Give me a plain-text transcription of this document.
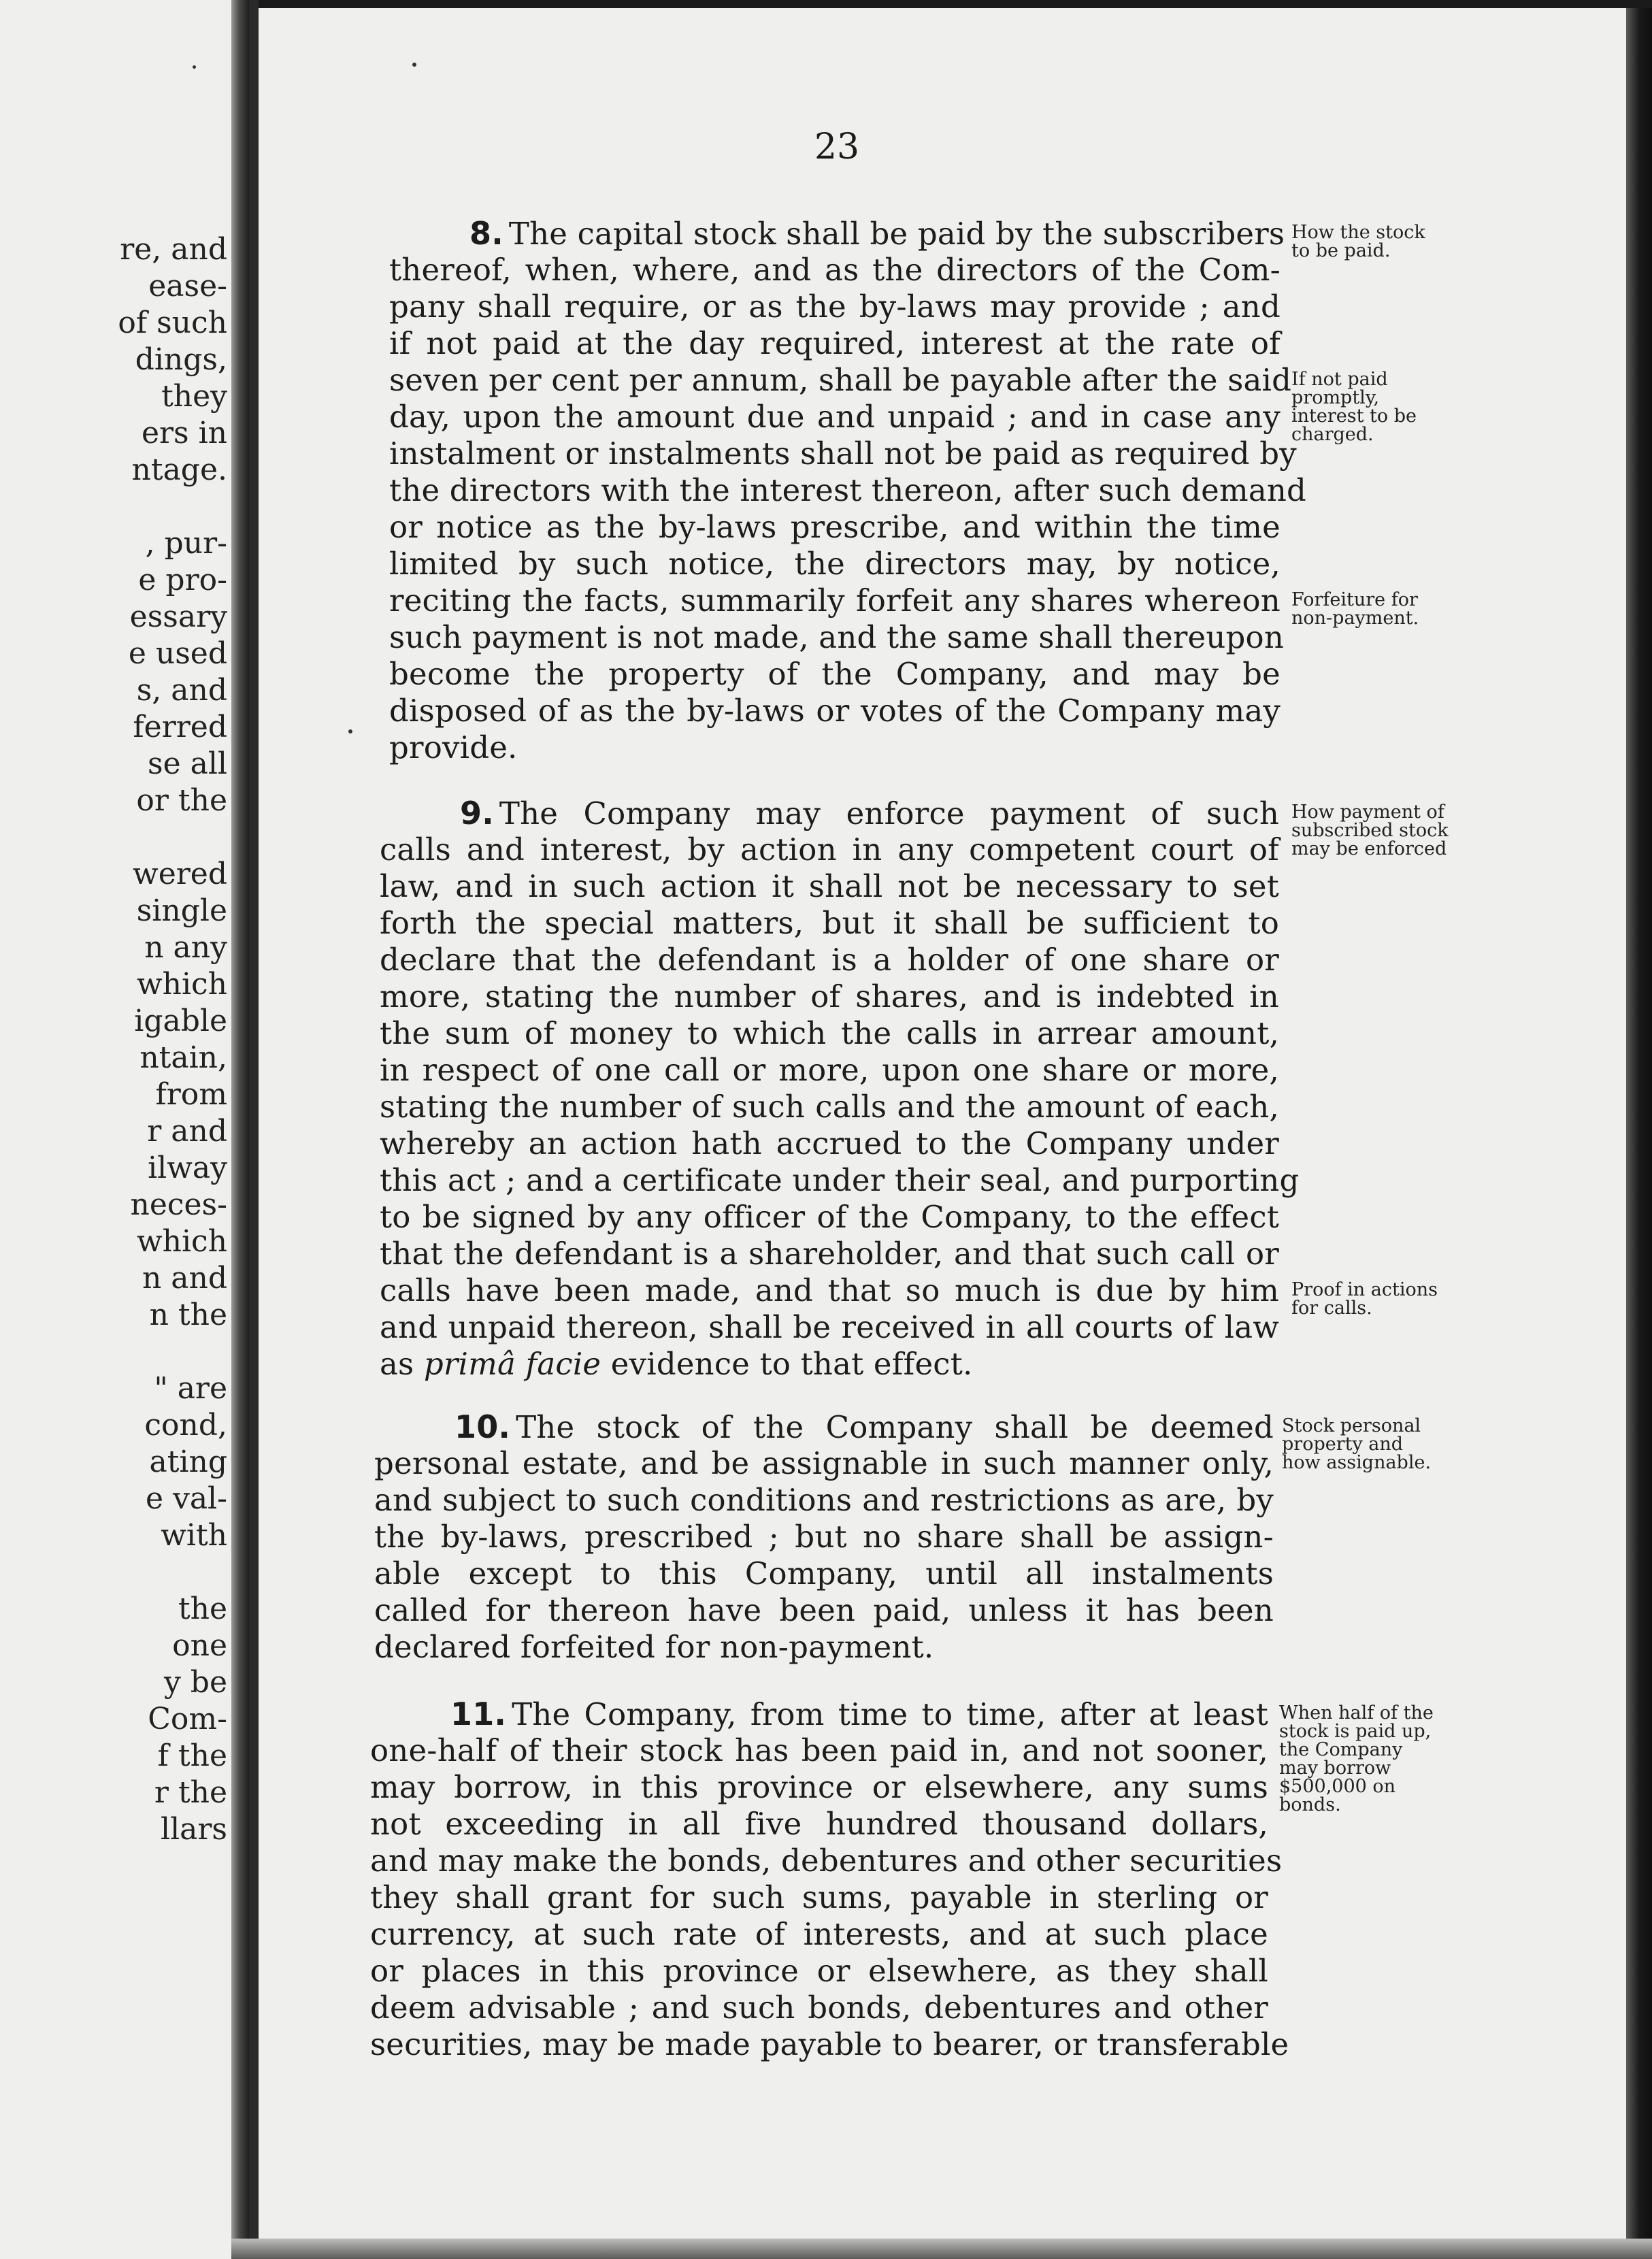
re, and
ease-
of such
dings,
they
ers in
ntage.
, pur-
e pro-
essary
e used
s, and
ferred
se all
or the
wered
single
n any
which
igable
ntain,
from
r and
ilway
neces-
which
n and
n the
" are
cond,
ating
e val-
with
the
one
y be
Com-
f the
r the
llars
23
8. The capital stock shall be paid by the subscribers
thereof, when, where, and as the directors of the Com-
pany shall require, or as the by-laws may provide ; and
if not paid at the day required, interest at the rate of
seven per cent per annum, shall be payable after the said
day, upon the amount due and unpaid ; and in case any
instalment or instalments shall not be paid as required by
the directors with the interest thereon, after such demand
or notice as the by-laws prescribe, and within the time
limited by such notice, the directors may, by notice,
reciting the facts, summarily forfeit any shares whereon
such payment is not made, and the same shall thereupon
become the property of the Company, and may be
disposed of as the by-laws or votes of the Company may
provide.
How the stock
to be paid.
If not paid
promptly,
interest to be
charged.
Forfeiture for
non-payment.
9. The Company may enforce payment of such
calls and interest, by action in any competent court of
law, and in such action it shall not be necessary to set
forth the special matters, but it shall be sufficient to
declare that the defendant is a holder of one share or
more, stating the number of shares, and is indebted in
the sum of money to which the calls in arrear amount,
in respect of one call or more, upon one share or more,
stating the number of such calls and the amount of each,
whereby an action hath accrued to the Company under
this act ; and a certificate under their seal, and purporting
to be signed by any officer of the Company, to the effect
that the defendant is a shareholder, and that such call or
calls have been made, and that so much is due by him
and unpaid thereon, shall be received in all courts of law
as primâ facie evidence to that effect.
How payment of
subscribed stock
may be enforced
Proof in actions
for calls.
10. The stock of the Company shall be deemed
personal estate, and be assignable in such manner only,
and subject to such conditions and restrictions as are, by
the by-laws, prescribed ; but no share shall be assign-
able except to this Company, until all instalments
called for thereon have been paid, unless it has been
declared forfeited for non-payment.
Stock personal
property and
how assignable.
11. The Company, from time to time, after at least
one-half of their stock has been paid in, and not sooner,
may borrow, in this province or elsewhere, any sums
not exceeding in all five hundred thousand dollars,
and may make the bonds, debentures and other securities
they shall grant for such sums, payable in sterling or
currency, at such rate of interests, and at such place
or places in this province or elsewhere, as they shall
deem advisable ; and such bonds, debentures and other
securities, may be made payable to bearer, or transferable
When half of the
stock is paid up,
the Company
may borrow
$500,000 on
bonds.
